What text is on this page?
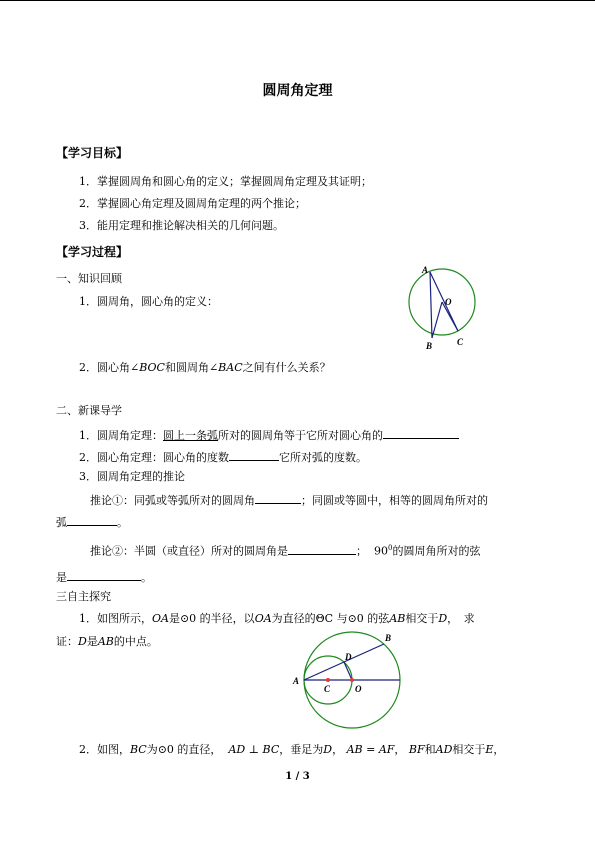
圆周角定理
【学习目标】
1．掌握圆周角和圆心角的定义；掌握圆周角定理及其证明；
2．掌握圆心角定理及圆周角定理的两个推论；
3．能用定理和推论解决相关的几何问题。
【学习过程】
一、知识回顾
1．圆周角，圆心角的定义：
A
O
B	C
2．圆心角∠BOC和圆周角∠BAC之间有什么关系？
二、新课导学
1．圆周角定理：圆上一条弧所对的圆周角等于它所对圆心角的
2．圆心角定理：圆心角的度数	它所对弧的度数。
3．圆周角定理的推论
推论①：同弧或等弧所对的圆周角	；同圆或等圆中，相等的圆周角所对的
弧	。
推论②：半圆（或直径）所对的圆周角是	； $90^0$的圆周角所对的弦
是	。
三自主探究
1．如图所示，OA是⊙0 的半径，以OA为直径的ΘC 与⊙0 的弦AB相交于D，　求
证：D是AB的中点。
A
B
D
C	O
2．如图，BC为⊙0 的直径， AD ⊥ BC，垂足为D， AB = AF， BF和AD相交于E，
1 / 3
